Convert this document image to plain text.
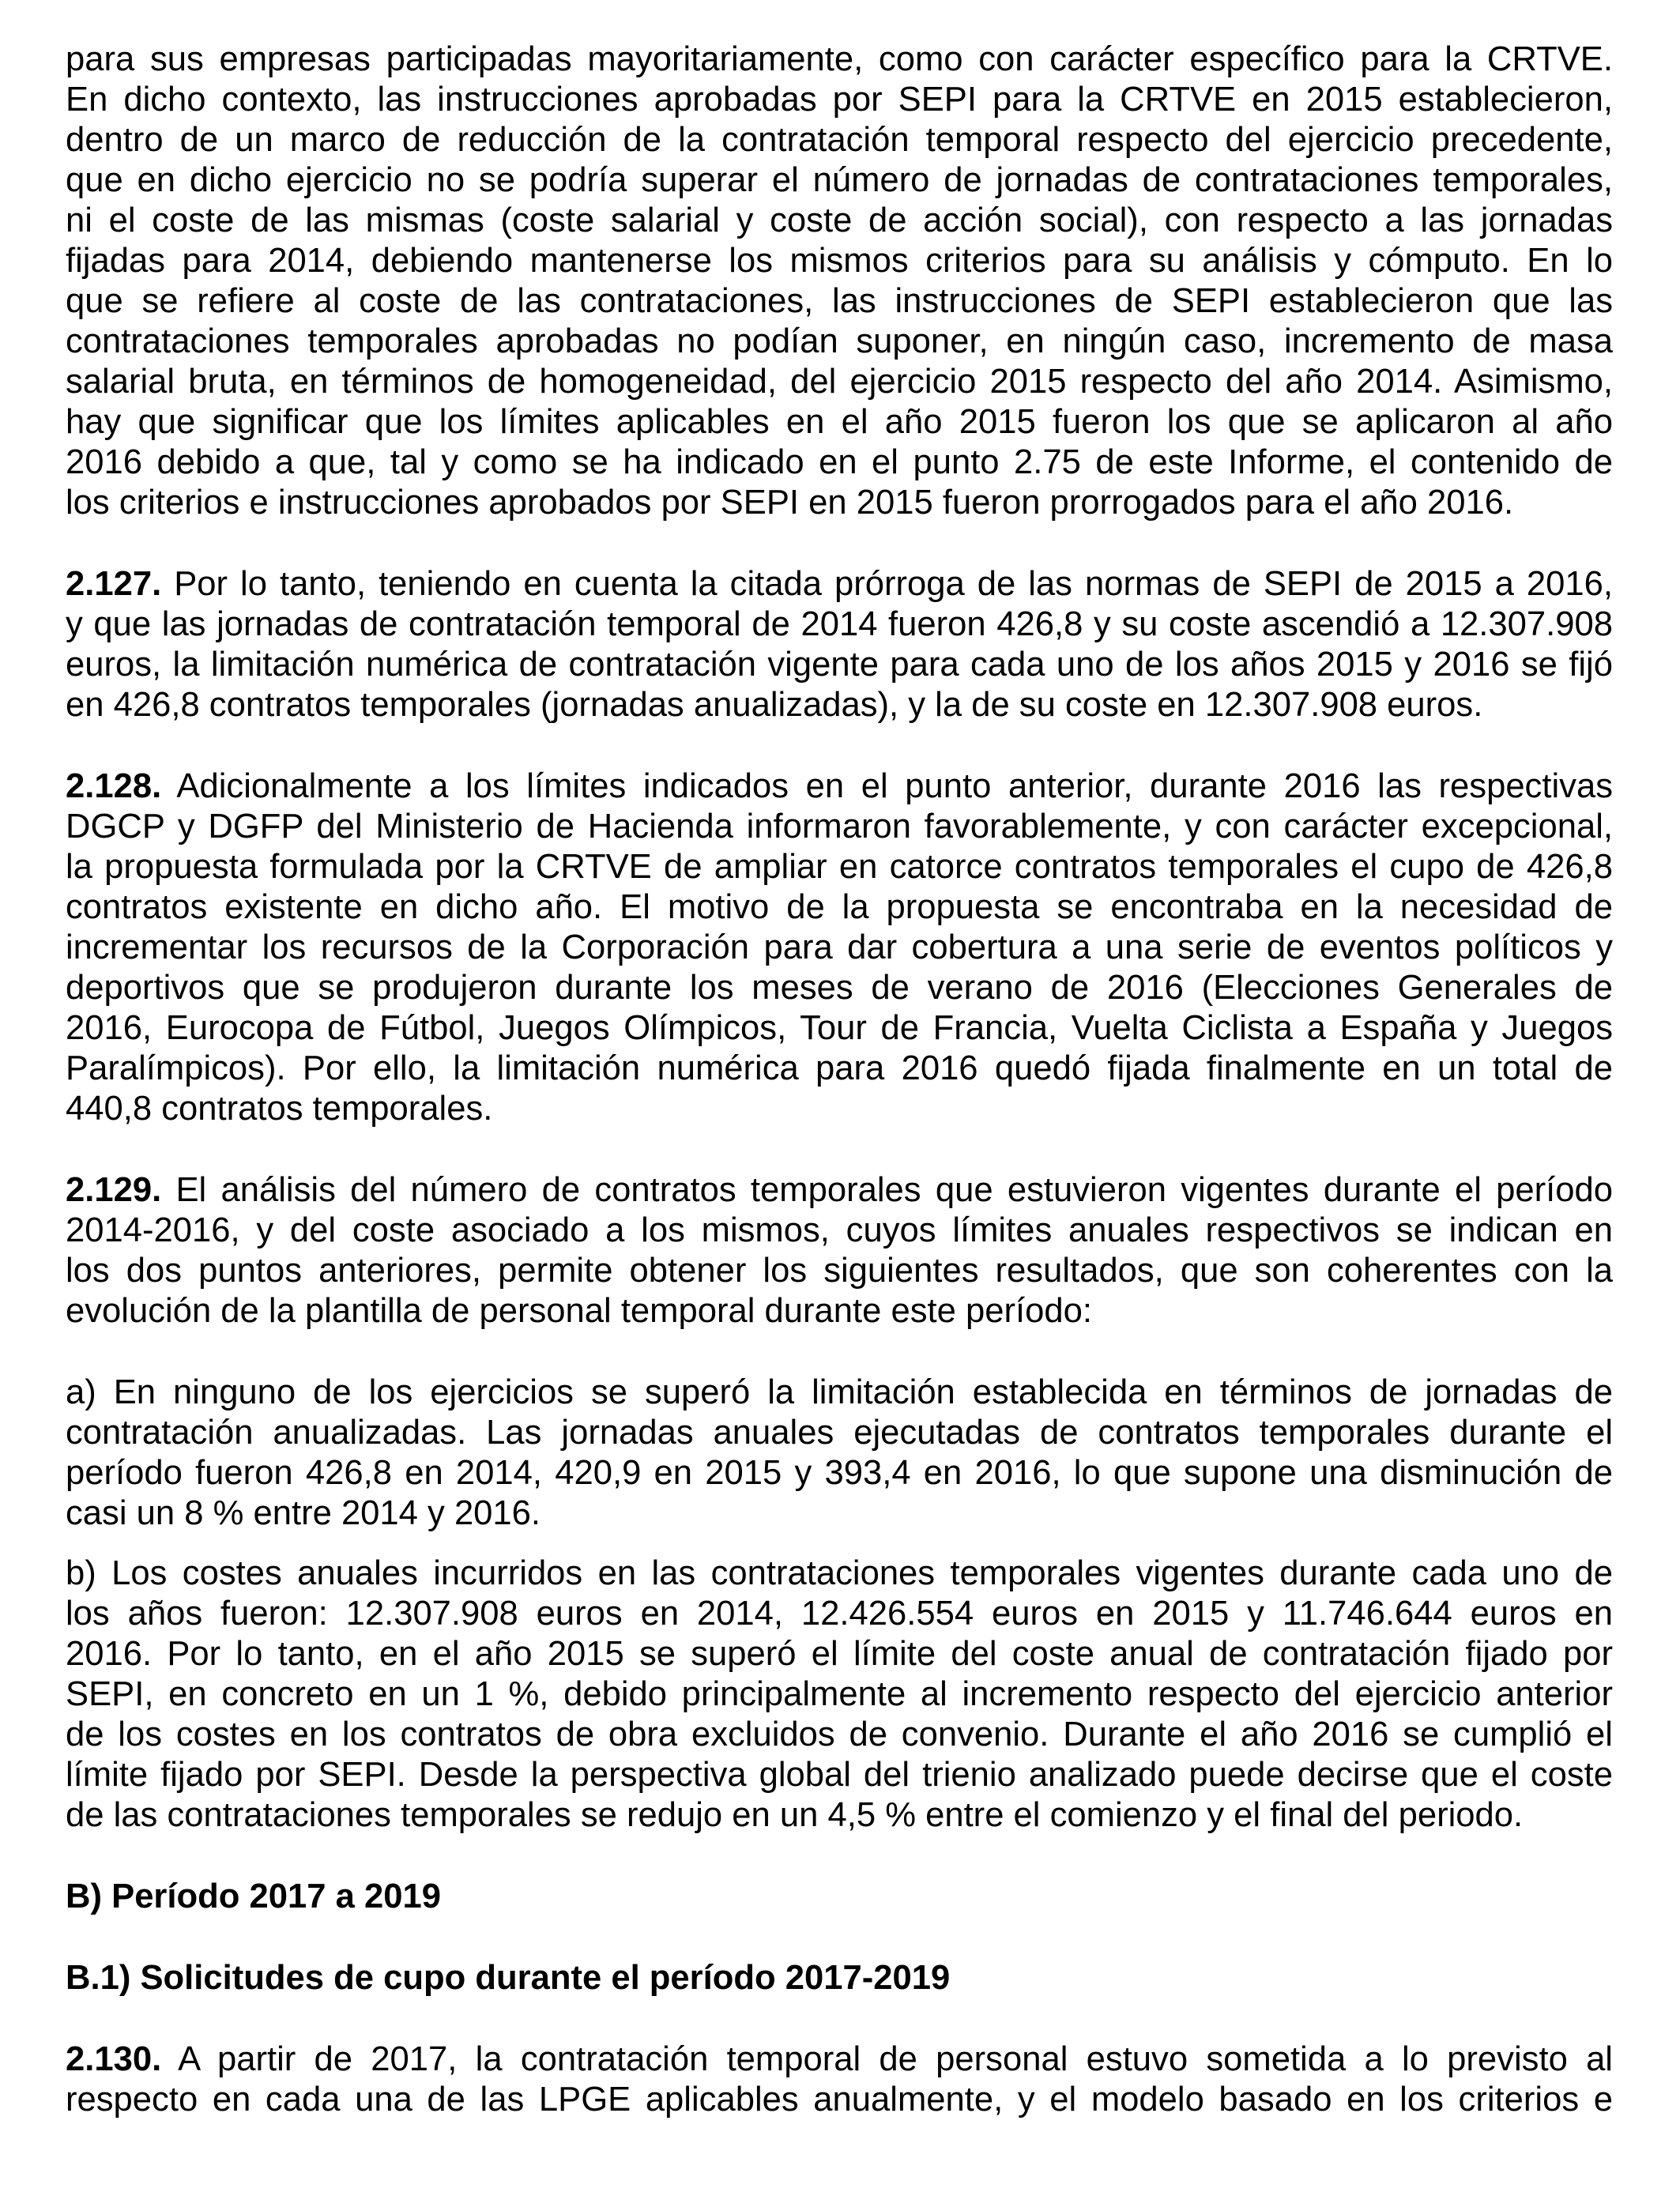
para sus empresas participadas mayoritariamente, como con carácter específico para la CRTVE.
En dicho contexto, las instrucciones aprobadas por SEPI para la CRTVE en 2015 establecieron,
dentro de un marco de reducción de la contratación temporal respecto del ejercicio precedente,
que en dicho ejercicio no se podría superar el número de jornadas de contrataciones temporales,
ni el coste de las mismas (coste salarial y coste de acción social), con respecto a las jornadas
fijadas para 2014, debiendo mantenerse los mismos criterios para su análisis y cómputo. En lo
que se refiere al coste de las contrataciones, las instrucciones de SEPI establecieron que las
contrataciones temporales aprobadas no podían suponer, en ningún caso, incremento de masa
salarial bruta, en términos de homogeneidad, del ejercicio 2015 respecto del año 2014. Asimismo,
hay que significar que los límites aplicables en el año 2015 fueron los que se aplicaron al año
2016 debido a que, tal y como se ha indicado en el punto 2.75 de este Informe, el contenido de
los criterios e instrucciones aprobados por SEPI en 2015 fueron prorrogados para el año 2016.
2.127. Por lo tanto, teniendo en cuenta la citada prórroga de las normas de SEPI de 2015 a 2016,
y que las jornadas de contratación temporal de 2014 fueron 426,8 y su coste ascendió a 12.307.908
euros, la limitación numérica de contratación vigente para cada uno de los años 2015 y 2016 se fijó
en 426,8 contratos temporales (jornadas anualizadas), y la de su coste en 12.307.908 euros.
2.128. Adicionalmente a los límites indicados en el punto anterior, durante 2016 las respectivas
DGCP y DGFP del Ministerio de Hacienda informaron favorablemente, y con carácter excepcional,
la propuesta formulada por la CRTVE de ampliar en catorce contratos temporales el cupo de 426,8
contratos existente en dicho año. El motivo de la propuesta se encontraba en la necesidad de
incrementar los recursos de la Corporación para dar cobertura a una serie de eventos políticos y
deportivos que se produjeron durante los meses de verano de 2016 (Elecciones Generales de
2016, Eurocopa de Fútbol, Juegos Olímpicos, Tour de Francia, Vuelta Ciclista a España y Juegos
Paralímpicos). Por ello, la limitación numérica para 2016 quedó fijada finalmente en un total de
440,8 contratos temporales.
2.129. El análisis del número de contratos temporales que estuvieron vigentes durante el período
2014-2016, y del coste asociado a los mismos, cuyos límites anuales respectivos se indican en
los dos puntos anteriores, permite obtener los siguientes resultados, que son coherentes con la
evolución de la plantilla de personal temporal durante este período:
a) En ninguno de los ejercicios se superó la limitación establecida en términos de jornadas de
contratación anualizadas. Las jornadas anuales ejecutadas de contratos temporales durante el
período fueron 426,8 en 2014, 420,9 en 2015 y 393,4 en 2016, lo que supone una disminución de
casi un 8 % entre 2014 y 2016.
b) Los costes anuales incurridos en las contrataciones temporales vigentes durante cada uno de
los años fueron: 12.307.908 euros en 2014, 12.426.554 euros en 2015 y 11.746.644 euros en
2016. Por lo tanto, en el año 2015 se superó el límite del coste anual de contratación fijado por
SEPI, en concreto en un 1 %, debido principalmente al incremento respecto del ejercicio anterior
de los costes en los contratos de obra excluidos de convenio. Durante el año 2016 se cumplió el
límite fijado por SEPI. Desde la perspectiva global del trienio analizado puede decirse que el coste
de las contrataciones temporales se redujo en un 4,5 % entre el comienzo y el final del periodo.
B) Período 2017 a 2019
B.1) Solicitudes de cupo durante el período 2017-2019
2.130. A partir de 2017, la contratación temporal de personal estuvo sometida a lo previsto al
respecto en cada una de las LPGE aplicables anualmente, y el modelo basado en los criterios e
